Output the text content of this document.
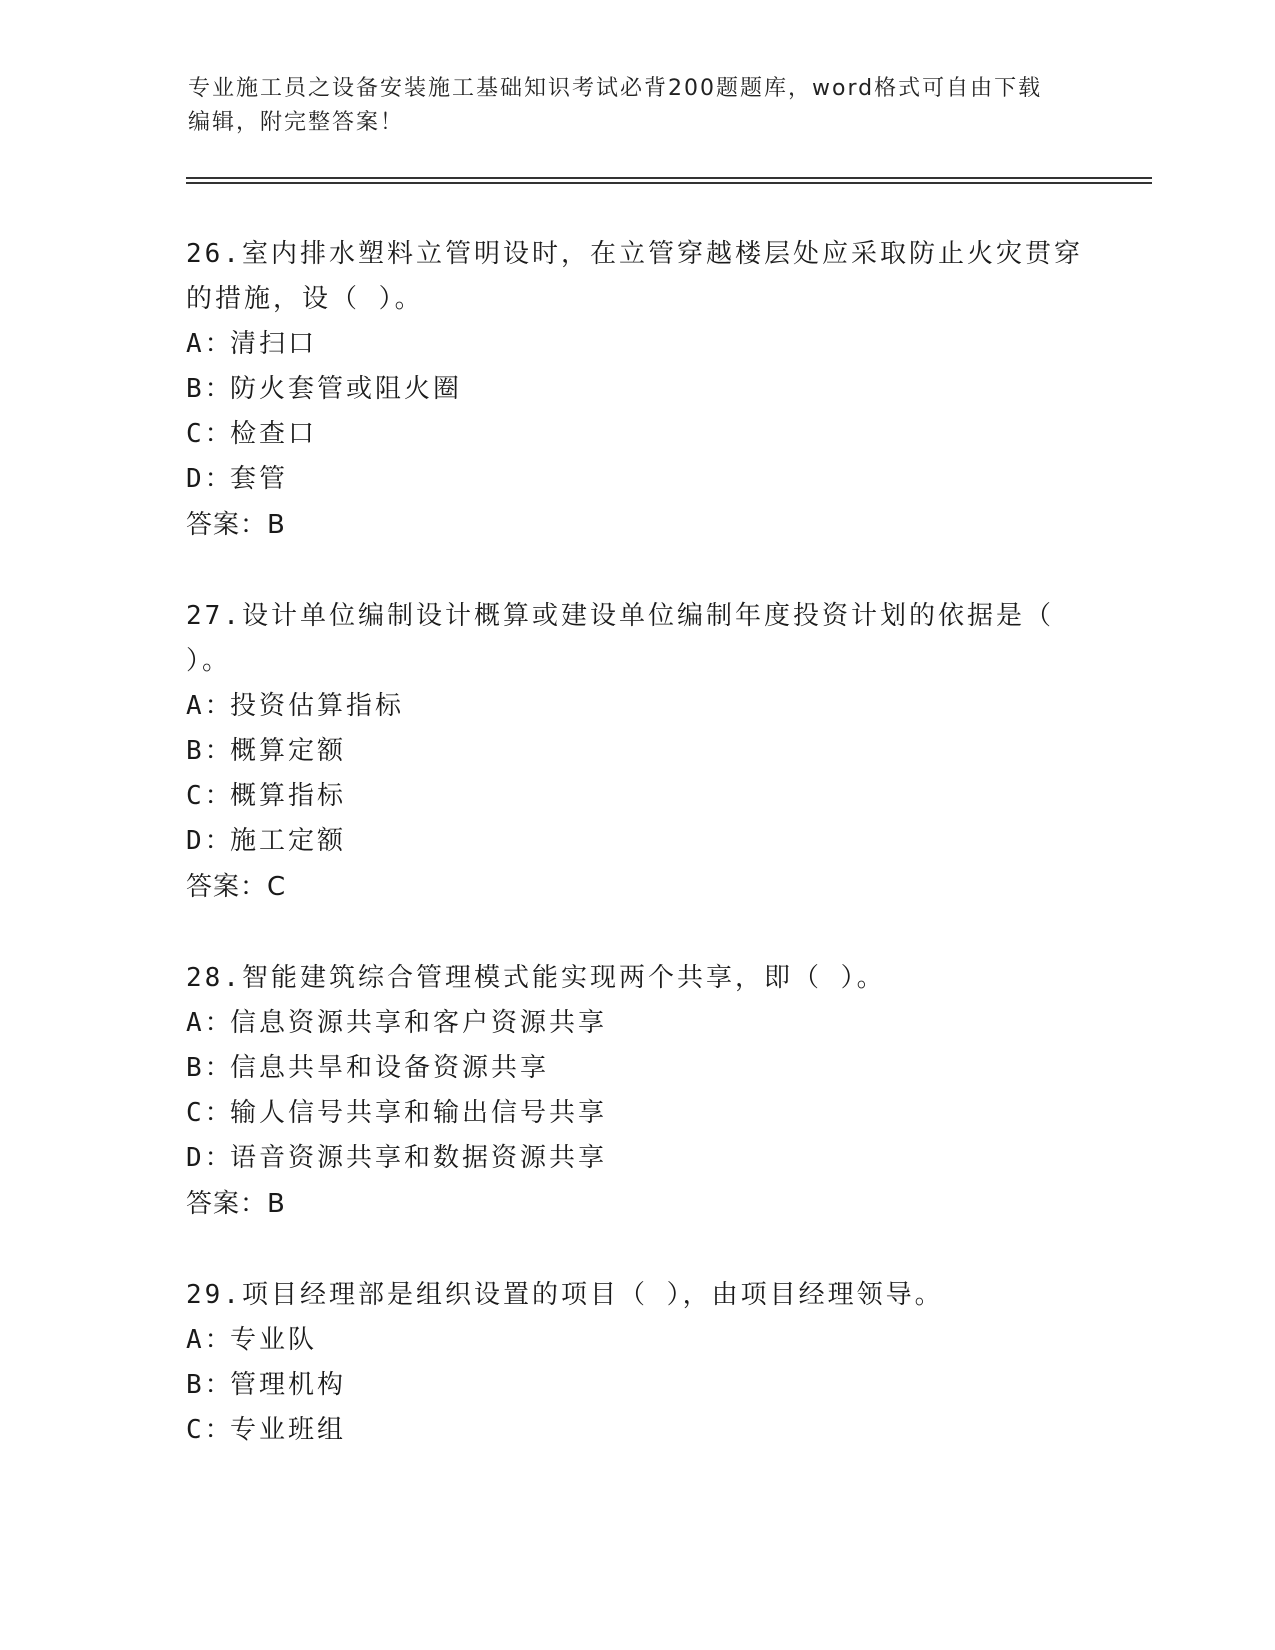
专业施工员之设备安装施工基础知识考试必背200题题库，word格式可自由下载
编辑，附完整答案！

26.室内排水塑料立管明设时，在立管穿越楼层处应采取防止火灾贯穿

的措施，设（ ）。

A：
清扫口

B：
防火套管或阻火圈

C：
检查口

D：
套管

答案：B

27.设计单位编制设计概算或建设单位编制年度投资计划的依据是（

）。

A：
投资估算指标

B：
概算定额

C：
概算指标

D：
施工定额

答案：C

28.智能建筑综合管理模式能实现两个共享，即（ ）。

A：
信息资源共享和客户资源共享

B：
信息共旱和设备资源共享

C：
输人信号共享和输出信号共享

D：
语音资源共享和数据资源共享

答案：B

29.项目经理部是组织设置的项目（ ），由项目经理领导。

A：
专业队

B：
管理机构

C：
专业班组
